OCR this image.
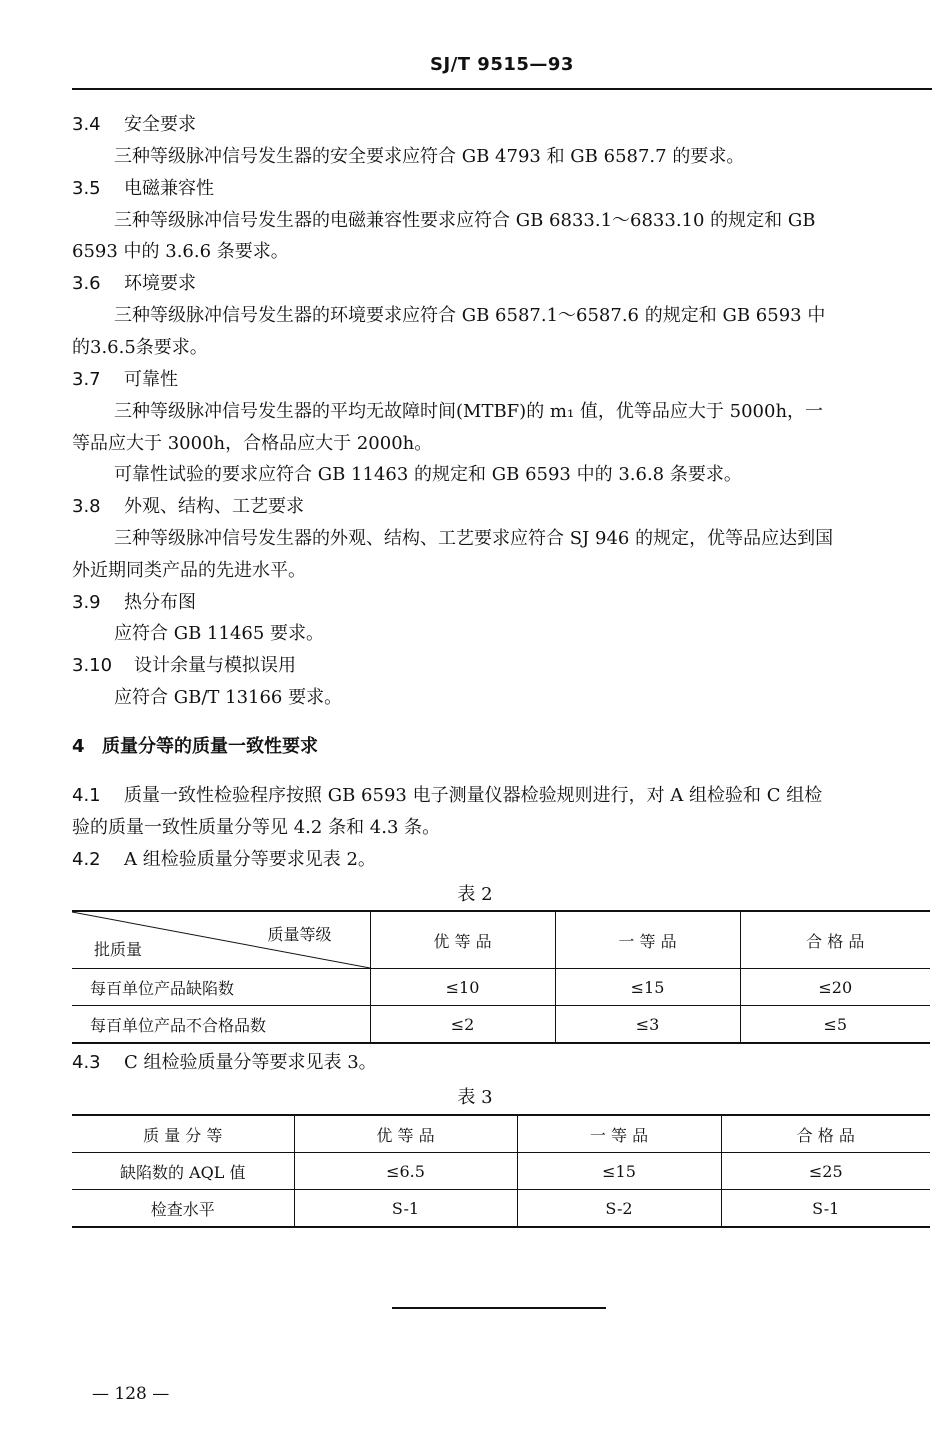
SJ/T 9515—93
3.4 安全要求
三种等级脉冲信号发生器的安全要求应符合 GB 4793 和 GB 6587.7 的要求。
3.5 电磁兼容性
三种等级脉冲信号发生器的电磁兼容性要求应符合 GB 6833.1～6833.10 的规定和 GB
6593 中的 3.6.6 条要求。
3.6 环境要求
三种等级脉冲信号发生器的环境要求应符合 GB 6587.1～6587.6 的规定和 GB 6593 中
的3.6.5条要求。
3.7 可靠性
三种等级脉冲信号发生器的平均无故障时间(MTBF)的 m₁ 值，优等品应大于 5000h，一
等品应大于 3000h，合格品应大于 2000h。
可靠性试验的要求应符合 GB 11463 的规定和 GB 6593 中的 3.6.8 条要求。
3.8 外观、结构、工艺要求
三种等级脉冲信号发生器的外观、结构、工艺要求应符合 SJ 946 的规定，优等品应达到国
外近期同类产品的先进水平。
3.9 热分布图
应符合 GB 11465 要求。
3.10 设计余量与模拟误用
应符合 GB/T 13166 要求。
4 质量分等的质量一致性要求
4.1 质量一致性检验程序按照 GB 6593 电子测量仪器检验规则进行，对 A 组检验和 C 组检
验的质量一致性质量分等见 4.2 条和 4.3 条。
4.2 A 组检验质量分等要求见表 2。
表 2
质量等级
批质量	优 等 品	一 等 品	合 格 品
每百单位产品缺陷数	≤10	≤15	≤20
每百单位产品不合格品数	≤2	≤3	≤5
4.3 C 组检验质量分等要求见表 3。
表 3
质 量 分 等	优 等 品	一 等 品	合 格 品
缺陷数的 AQL 值	≤6.5	≤15	≤25
检查水平	S-1	S-2	S-1
— 128 —
